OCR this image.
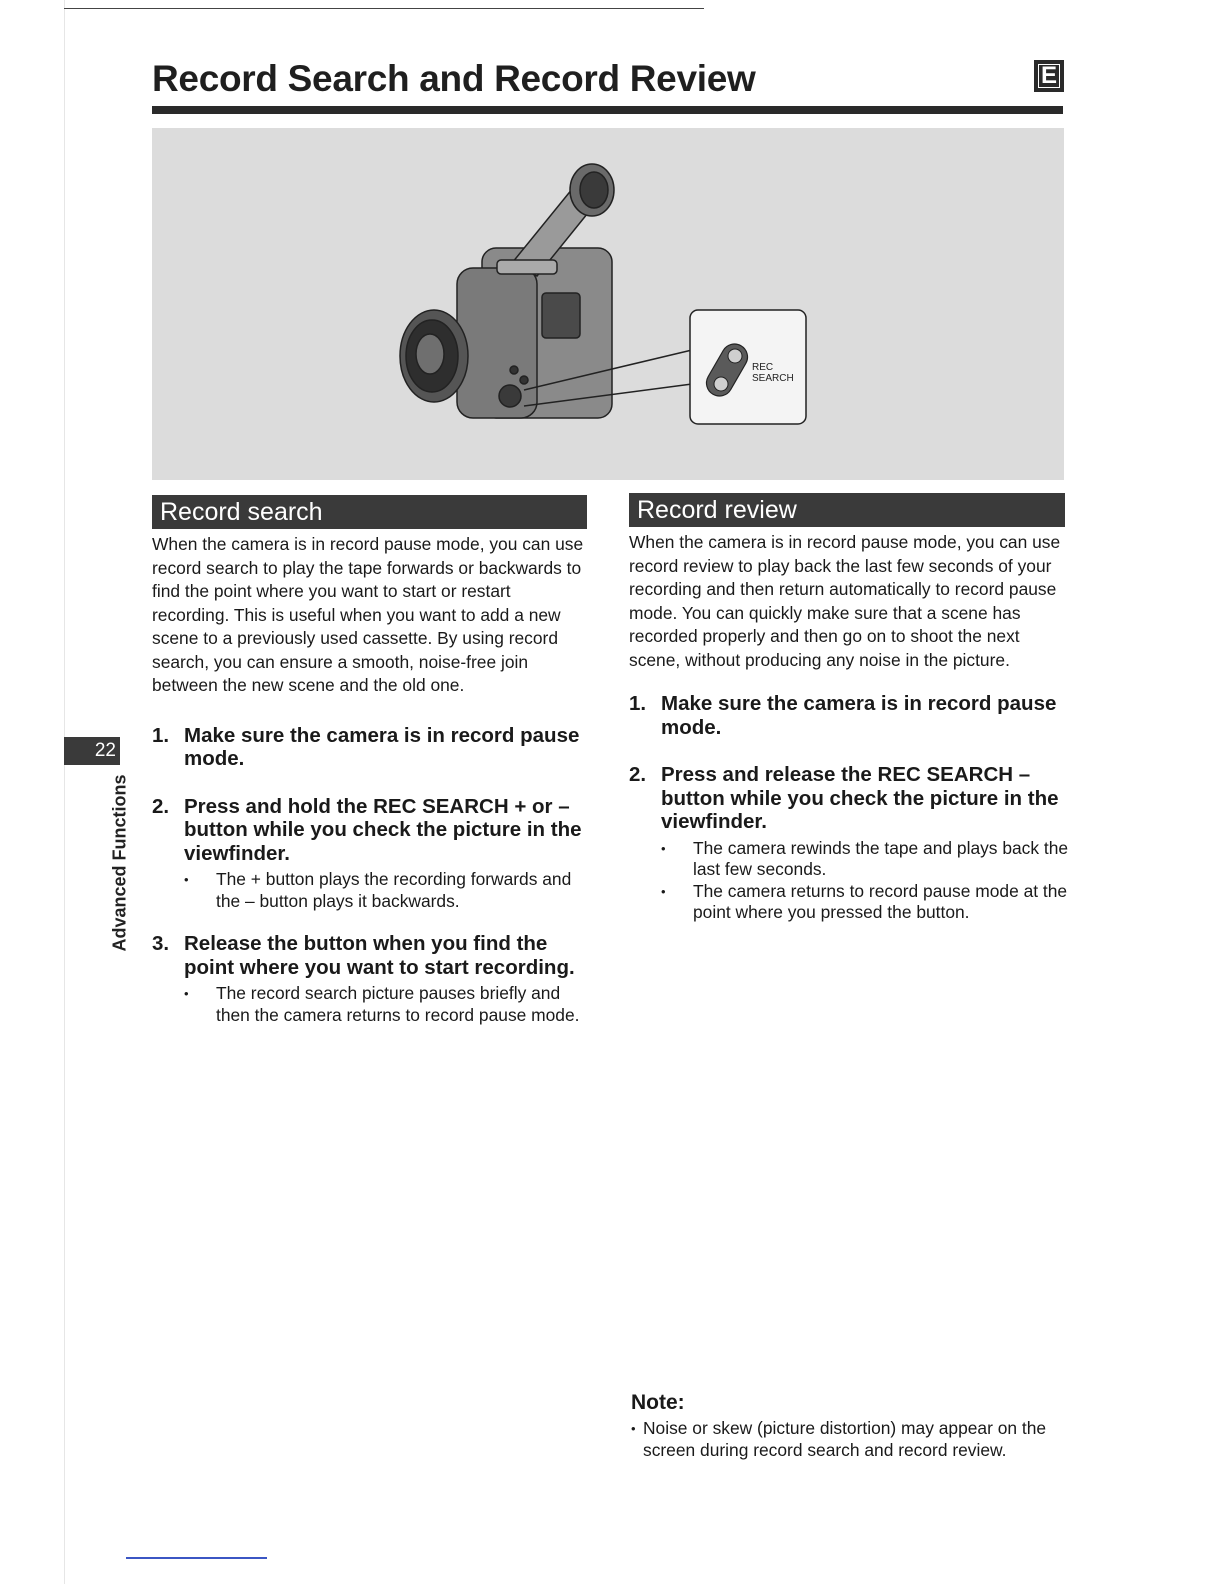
Record Search and Record Review	E
REC
SEARCH
Record search	Record review

When the camera is in record pause mode, you can use record search to play the tape forwards or backwards to find the point where you want to start or restart recording. This is useful when you want to add a new scene to a previously used cassette. By using record search, you can ensure a smooth, noise-free join between the new scene and the old one.

1. Make sure the camera is in record pause mode.

2. Press and hold the REC SEARCH + or – button while you check the picture in the viewfinder.

• The + button plays the recording forwards and the – button plays it backwards.
3. Release the button when you find the point where you want to start recording.

• The record search picture pauses briefly and then the camera returns to record pause mode.

When the camera is in record pause mode, you can use record review to play back the last few seconds of your recording and then return automatically to record pause mode. You can quickly make sure that a scene has recorded properly and then go on to shoot the next scene, without producing any noise in the picture.

1. Make sure the camera is in record pause mode.

2. Press and release the REC SEARCH – button while you check the picture in the viewfinder.

• The camera rewinds the tape and plays back the last few seconds.
• The camera returns to record pause mode at the point where you pressed the button.
22
Advanced Functions

Note:

• Noise or skew (picture distortion) may appear on the screen during record search and record review.
